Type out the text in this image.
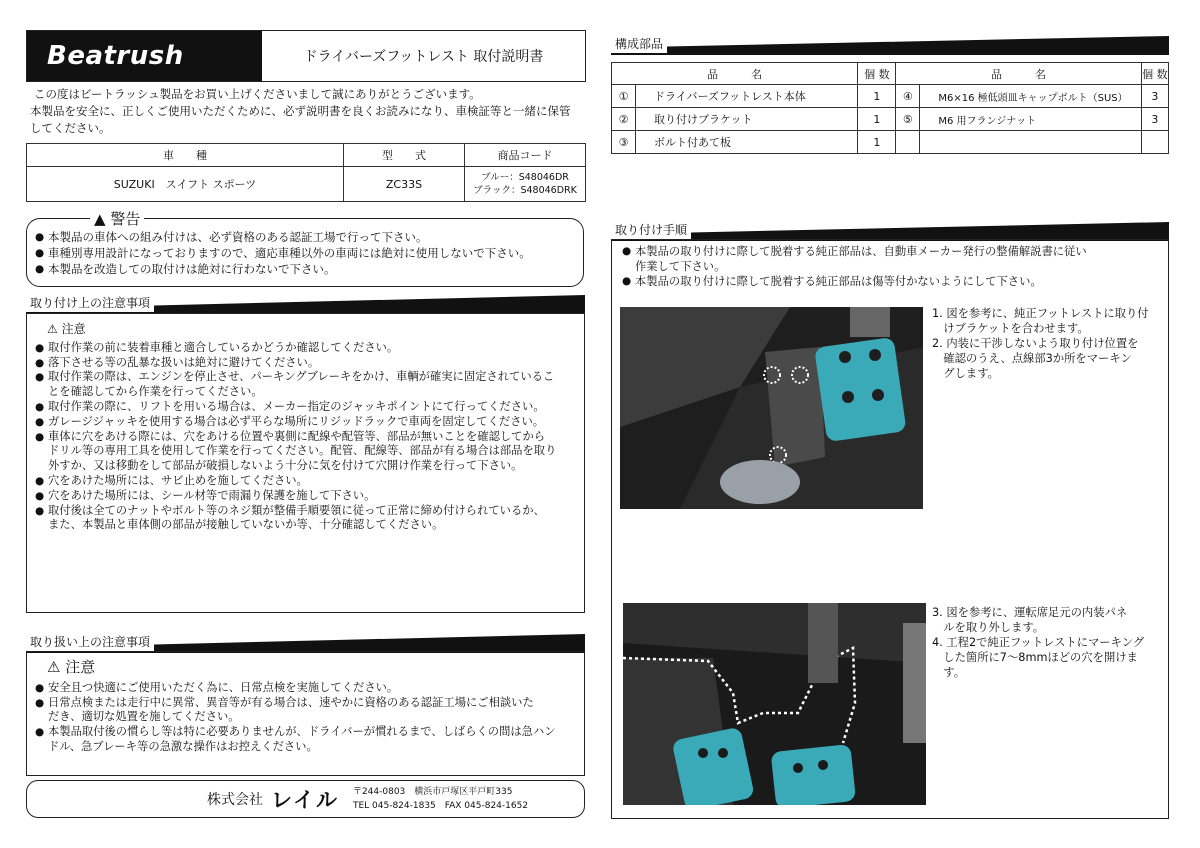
Beatrush	ドライバーズフットレスト 取付説明書
この度はビートラッシュ製品をお買い上げくださいまして誠にありがとうございます。
本製品を安全に、正しくご使用いただくために、必ず説明書を良くお読みになり、車検証等と一緒に保管
してください。
車　　種	型　　式	商品コード
SUZUKI　スイフト スポーツ	ZC33S	ブルー：S48046DR
ブラック：S48046DRK
● 本製品の車体への組み付けは、必ず資格のある認証工場で行って下さい。
● 車種別専用設計になっておりますので、適応車種以外の車両には絶対に使用しないで下さい。
● 本製品を改造しての取付けは絶対に行わないで下さい。
▲ 警告
取り付け上の注意事項
⚠ 注意
● 取付作業の前に装着車種と適合しているかどうか確認してください。
● 落下させる等の乱暴な扱いは絶対に避けてください。
● 取付作業の際は、エンジンを停止させ、パーキングブレーキをかけ、車輌が確実に固定されているこ
とを確認してから作業を行ってください。
● 取付作業の際に、リフトを用いる場合は、メーカー指定のジャッキポイントにて行ってください。
● ガレージジャッキを使用する場合は必ず平らな場所にリジッドラックで車両を固定してください。
● 車体に穴をあける際には、穴をあける位置や裏側に配線や配管等、部品が無いことを確認してから
ドリル等の専用工具を使用して作業を行ってください。配管、配線等、部品が有る場合は部品を取り
外すか、又は移動をして部品が破損しないよう十分に気を付けて穴開け作業を行って下さい。
● 穴をあけた場所には、サビ止めを施してください。
● 穴をあけた場所には、シール材等で雨漏り保護を施して下さい。
● 取付後は全てのナットやボルト等のネジ類が整備手順要領に従って正常に締め付けられているか、
また、本製品と車体側の部品が接触していないか等、十分確認してください。
取り扱い上の注意事項
⚠ 注意
● 安全且つ快適にご使用いただく為に、日常点検を実施してください。
● 日常点検または走行中に異常、異音等が有る場合は、速やかに資格のある認証工場にご相談いた
だき、適切な処置を施してください。
● 本製品取付後の慣らし等は特に必要ありませんが、ドライバーが慣れるまで、しばらくの間は急ハン
ドル、急ブレーキ等の急激な操作はお控えください。
株式会社 レイル 〒244-0803　横浜市戸塚区平戸町335
TEL 045-824-1835　FAX 045-824-1652
構成部品
品　　　名		個 数	品　　　名		個 数
①	ドライバーズフットレスト本体	1	④	M6×16 極低頭皿キャップボルト（SUS）	3
②	取り付けブラケット	1	⑤	M6 用フランジナット	3
③	ボルト付あて板	1			
取り付け手順
● 本製品の取り付けに際して脱着する純正部品は、自動車メーカー発行の整備解説書に従い
作業して下さい。
● 本製品の取り付けに際して脱着する純正部品は傷等付かないようにして下さい。
1. 図を参考に、純正フットレストに取り付
　けブラケットを合わせます。
2. 内装に干渉しないよう取り付け位置を
　確認のうえ、点線部3か所をマーキン
　グします。
3. 図を参考に、運転席足元の内装パネ
　ルを取り外します。
4. 工程2で純正フットレストにマーキング
　した箇所に7～8mmほどの穴を開けま
　す。
